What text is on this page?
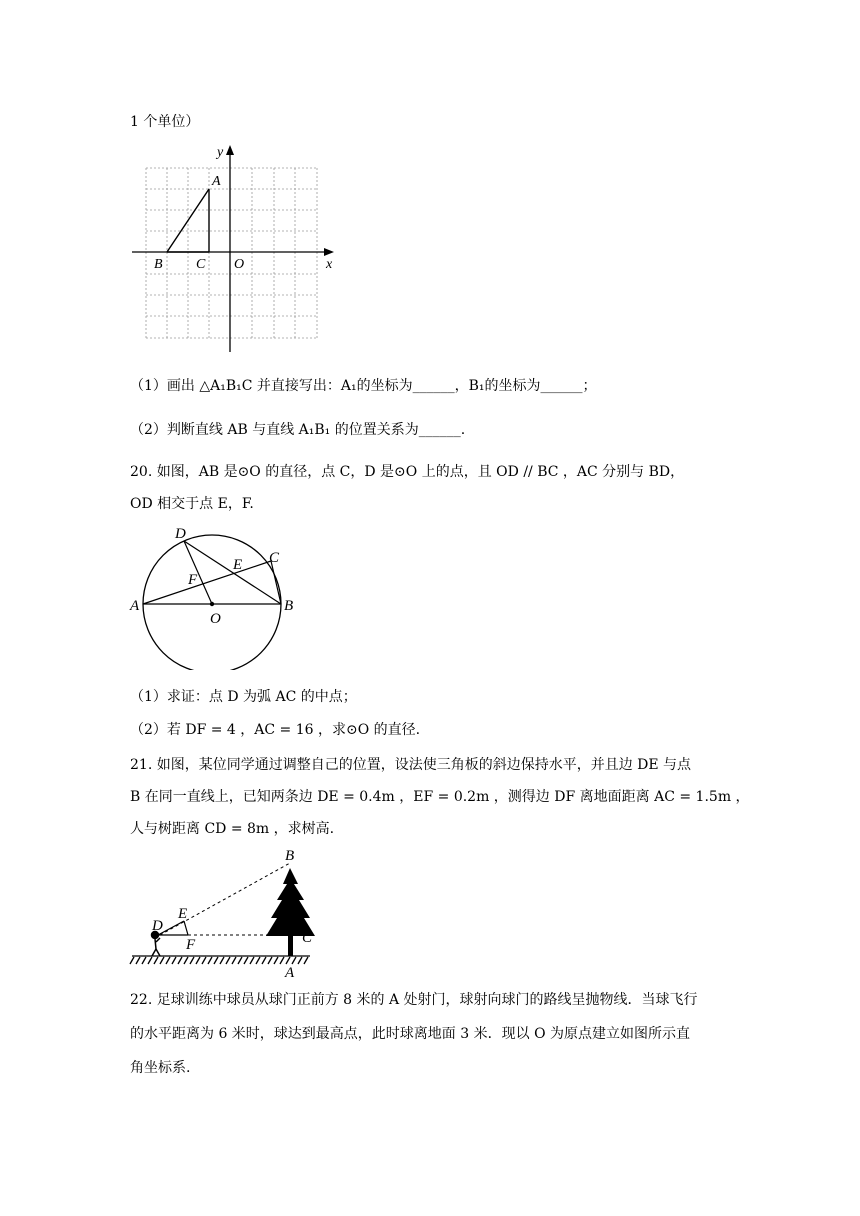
1 个单位）
y
x
A
B C O
（1）画出 △A₁B₁C 并直接写出：A₁的坐标为______，B₁的坐标为______；
（2）判断直线 AB 与直线 A₁B₁ 的位置关系为______.
20. 如图，AB 是⊙O 的直径，点 C，D 是⊙O 上的点，且 OD // BC ，AC 分别与 BD，
OD 相交于点 E，F.
D
C
E
F
A	B
O
（1）求证：点 D 为弧 AC 的中点；
（2）若 DF = 4 ，AC = 16 ，求⊙O 的直径.
21. 如图，某位同学通过调整自己的位置，设法使三角板的斜边保持水平，并且边 DE 与点
B 在同一直线上，已知两条边 DE = 0.4m ，EF = 0.2m ，测得边 DF 离地面距离 AC = 1.5m ，
人与树距离 CD = 8m ，求树高.
B
E
D
F	C
A
22. 足球训练中球员从球门正前方 8 米的 A 处射门，球射向球门的路线呈抛物线．当球飞行
的水平距离为 6 米时，球达到最高点，此时球离地面 3 米．现以 O 为原点建立如图所示直
角坐标系.
